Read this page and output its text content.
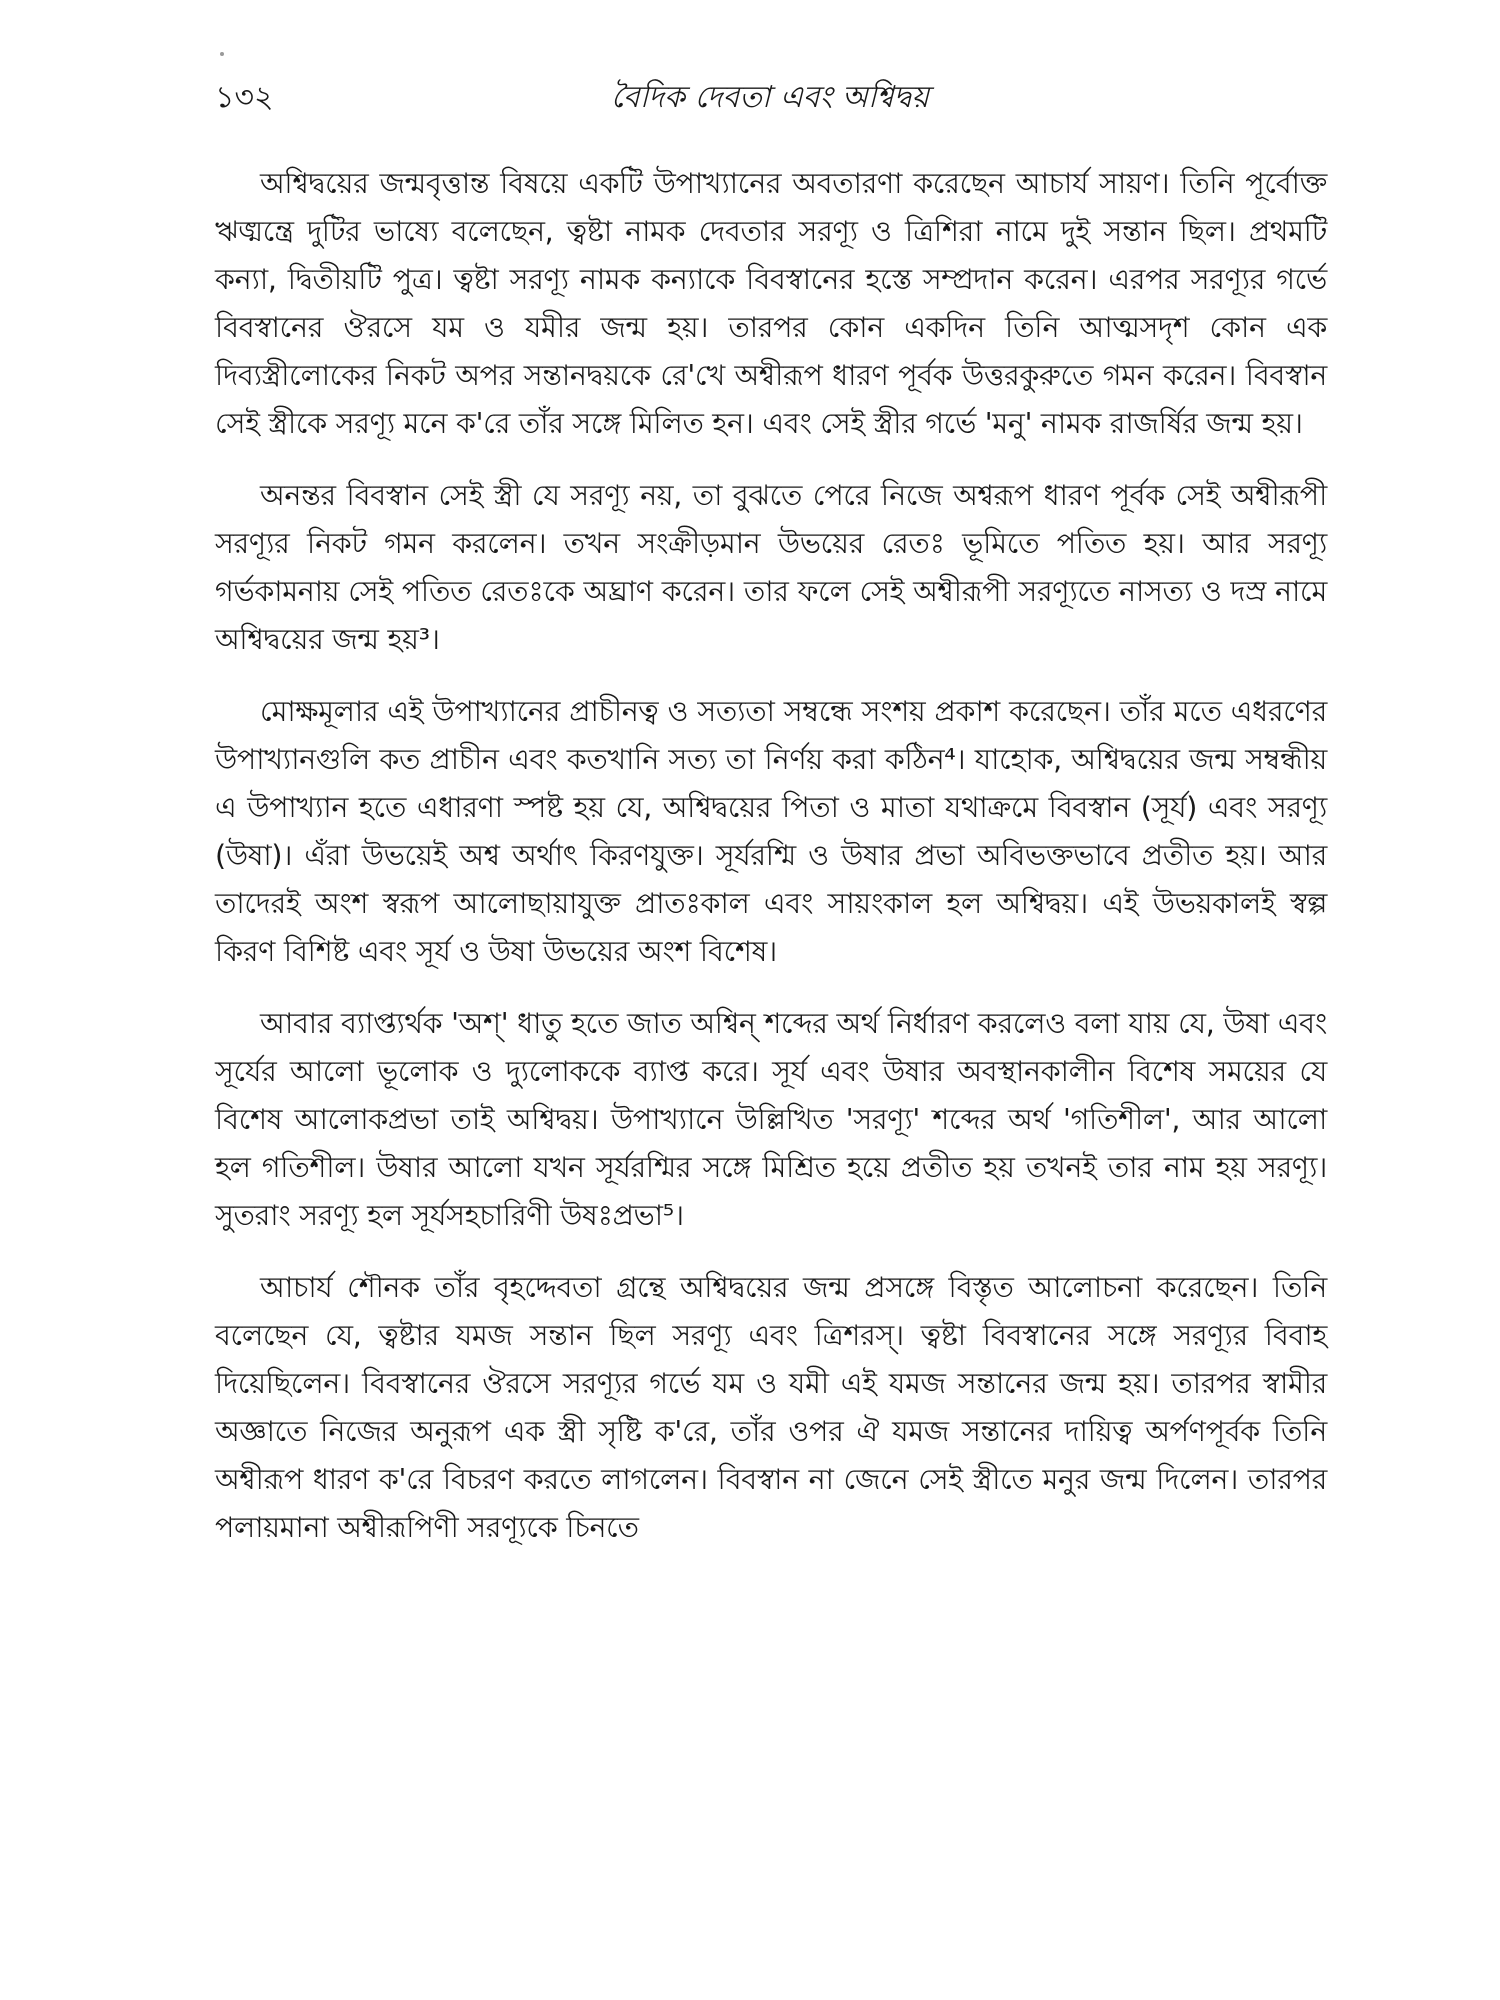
১৩২	বৈদিক দেবতা এবং অশ্বিদ্বয়

অশ্বিদ্বয়ের জন্মবৃত্তান্ত বিষয়ে একটি উপাখ্যানের অবতারণা করেছেন আচার্য সায়ণ। তিনি পূর্বোক্ত ঋঙ্মন্ত্রে দুটির ভাষ্যে বলেছেন, ত্বষ্টা নামক দেবতার সরণ্যূ ও ত্রিশিরা নামে দুই সন্তান ছিল। প্রথমটি কন্যা, দ্বিতীয়টি পুত্র। ত্বষ্টা সরণ্যূ নামক কন্যাকে বিবস্বানের হস্তে সম্প্রদান করেন। এরপর সরণ্যূর গর্ভে বিবস্বানের ঔরসে যম ও যমীর জন্ম হয়। তারপর কোন একদিন তিনি আত্মসদৃশ কোন এক দিব্যস্ত্রীলোকের নিকট অপর সন্তানদ্বয়কে রে'খে অশ্বীরূপ ধারণ পূর্বক উত্তরকুরুতে গমন করেন। বিবস্বান সেই স্ত্রীকে সরণ্যূ মনে ক'রে তাঁর সঙ্গে মিলিত হন। এবং সেই স্ত্রীর গর্ভে 'মনু' নামক রাজর্ষির জন্ম হয়।

অনন্তর বিবস্বান সেই স্ত্রী যে সরণ্যূ নয়, তা বুঝতে পেরে নিজে অশ্বরূপ ধারণ পূর্বক সেই অশ্বীরূপী সরণ্যূর নিকট গমন করলেন। তখন সংক্রীড়মান উভয়ের রেতঃ ভূমিতে পতিত হয়। আর সরণ্যূ গর্ভকামনায় সেই পতিত রেতঃকে অঘ্রাণ করেন। তার ফলে সেই অশ্বীরূপী সরণ্যূতে নাসত্য ও দস্র নামে অশ্বিদ্বয়ের জন্ম হয়³।

মোক্ষমূলার এই উপাখ্যানের প্রাচীনত্ব ও সত্যতা সম্বন্ধে সংশয় প্রকাশ করেছেন। তাঁর মতে এধরণের উপাখ্যানগুলি কত প্রাচীন এবং কতখানি সত্য তা নির্ণয় করা কঠিন⁴। যাহোক, অশ্বিদ্বয়ের জন্ম সম্বন্ধীয় এ উপাখ্যান হতে এধারণা স্পষ্ট হয় যে, অশ্বিদ্বয়ের পিতা ও মাতা যথাক্রমে বিবস্বান (সূর্য) এবং সরণ্যূ (উষা)। এঁরা উভয়েই অশ্ব অর্থাৎ কিরণযুক্ত। সূর্যরশ্মি ও উষার প্রভা অবিভক্তভাবে প্রতীত হয়। আর তাদেরই অংশ স্বরূপ আলোছায়াযুক্ত প্রাতঃকাল এবং সায়ংকাল হল অশ্বিদ্বয়। এই উভয়কালই স্বল্প কিরণ বিশিষ্ট এবং সূর্য ও উষা উভয়ের অংশ বিশেষ।

আবার ব্যাপ্ত্যর্থক 'অশ্' ধাতু হতে জাত অশ্বিন্ শব্দের অর্থ নির্ধারণ করলেও বলা যায় যে, উষা এবং সূর্যের আলো ভূলোক ও দ্যুলোককে ব্যাপ্ত করে। সূর্য এবং উষার অবস্থানকালীন বিশেষ সময়ের যে বিশেষ আলোকপ্রভা তাই অশ্বিদ্বয়। উপাখ্যানে উল্লিখিত 'সরণ্যূ' শব্দের অর্থ 'গতিশীল', আর আলো হল গতিশীল। উষার আলো যখন সূর্যরশ্মির সঙ্গে মিশ্রিত হয়ে প্রতীত হয় তখনই তার নাম হয় সরণ্যূ। সুতরাং সরণ্যূ হল সূর্যসহচারিণী উষঃপ্রভা⁵।

আচার্য শৌনক তাঁর বৃহদ্দেবতা গ্রন্থে অশ্বিদ্বয়ের জন্ম প্রসঙ্গে বিস্তৃত আলোচনা করেছেন। তিনি বলেছেন যে, ত্বষ্টার যমজ সন্তান ছিল সরণ্যূ এবং ত্রিশরস্। ত্বষ্টা বিবস্বানের সঙ্গে সরণ্যূর বিবাহ দিয়েছিলেন। বিবস্বানের ঔরসে সরণ্যূর গর্ভে যম ও যমী এই যমজ সন্তানের জন্ম হয়। তারপর স্বামীর অজ্ঞাতে নিজের অনুরূপ এক স্ত্রী সৃষ্টি ক'রে, তাঁর ওপর ঐ যমজ সন্তানের দায়িত্ব অর্পণপূর্বক তিনি অশ্বীরূপ ধারণ ক'রে বিচরণ করতে লাগলেন। বিবস্বান না জেনে সেই স্ত্রীতে মনুর জন্ম দিলেন। তারপর পলায়মানা অশ্বীরূপিণী সরণ্যূকে চিনতে
